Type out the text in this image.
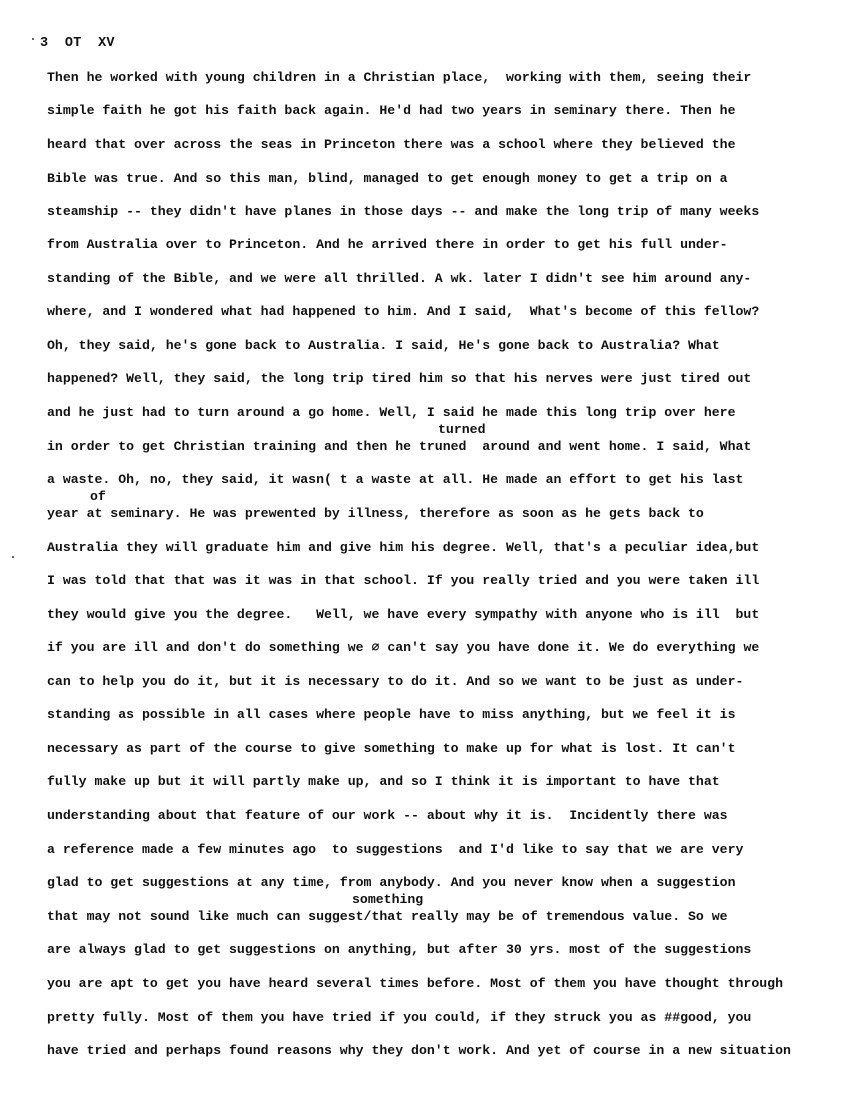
3  OT  XV
Then he worked with young children in a Christian place,  working with them, seeing their
simple faith he got his faith back again. He'd had two years in seminary there. Then he
heard that over across the seas in Princeton there was a school where they believed the
Bible was true. And so this man, blind, managed to get enough money to get a trip on a
steamship -- they didn't have planes in those days -- and make the long trip of many weeks
from Australia over to Princeton. And he arrived there in order to get his full under-
standing of the Bible, and we were all thrilled. A wk. later I didn't see him around any-
where, and I wondered what had happened to him. And I said,  What's become of this fellow?
Oh, they said, he's gone back to Australia. I said, He's gone back to Australia? What
happened? Well, they said, the long trip tired him so that his nerves were just tired out
and he just had to turn around a go home. Well, I said he made this long trip over here
turned
in order to get Christian training and then he truned  around and went home. I said, What
a waste. Oh, no, they said, it wasn( t a waste at all. He made an effort to get his last
of
year at seminary. He was prewented by illness, therefore as soon as he gets back to
Australia they will graduate him and give him his degree. Well, that's a peculiar idea,but
I was told that that was it was in that school. If you really tried and you were taken ill
they would give you the degree.   Well, we have every sympathy with anyone who is ill  but
if you are ill and don't do something we ∅ can't say you have done it. We do everything we
can to help you do it, but it is necessary to do it. And so we want to be just as under-
standing as possible in all cases where people have to miss anything, but we feel it is
necessary as part of the course to give something to make up for what is lost. It can't
fully make up but it will partly make up, and so I think it is important to have that
understanding about that feature of our work -- about why it is.  Incidently there was
a reference made a few minutes ago  to suggestions  and I'd like to say that we are very
glad to get suggestions at any time, from anybody. And you never know when a suggestion
something
that may not sound like much can suggest/that really may be of tremendous value. So we
are always glad to get suggestions on anything, but after 30 yrs. most of the suggestions
you are apt to get you have heard several times before. Most of them you have thought through
pretty fully. Most of them you have tried if you could, if they struck you as ##good, you
have tried and perhaps found reasons why they don't work. And yet of course in a new situation
